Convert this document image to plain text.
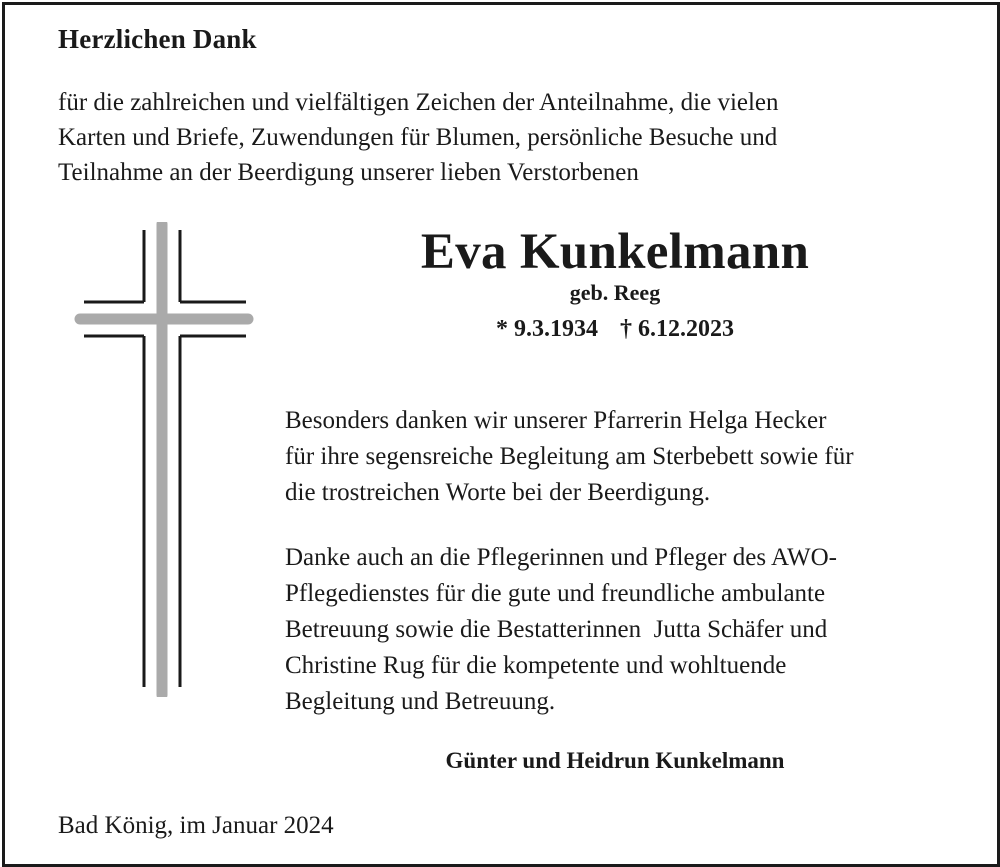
Herzlichen Dank
für die zahlreichen und vielfältigen Zeichen der Anteilnahme, die vielen
Karten und Briefe, Zuwendungen für Blumen, persönliche Besuche und
Teilnahme an der Beerdigung unserer lieben Verstorbenen
Eva Kunkelmann
geb. Reeg
* 9.3.1934 † 6.12.2023
Besonders danken wir unserer Pfarrerin Helga Hecker
für ihre segensreiche Begleitung am Sterbebett sowie für
die trostreichen Worte bei der Beerdigung.
Danke auch an die Pflegerinnen und Pfleger des AWO-
Pflegedienstes für die gute und freundliche ambulante
Betreuung sowie die Bestatterinnen  Jutta Schäfer und
Christine Rug für die kompetente und wohltuende
Begleitung und Betreuung.
Günter und Heidrun Kunkelmann
Bad König, im Januar 2024
